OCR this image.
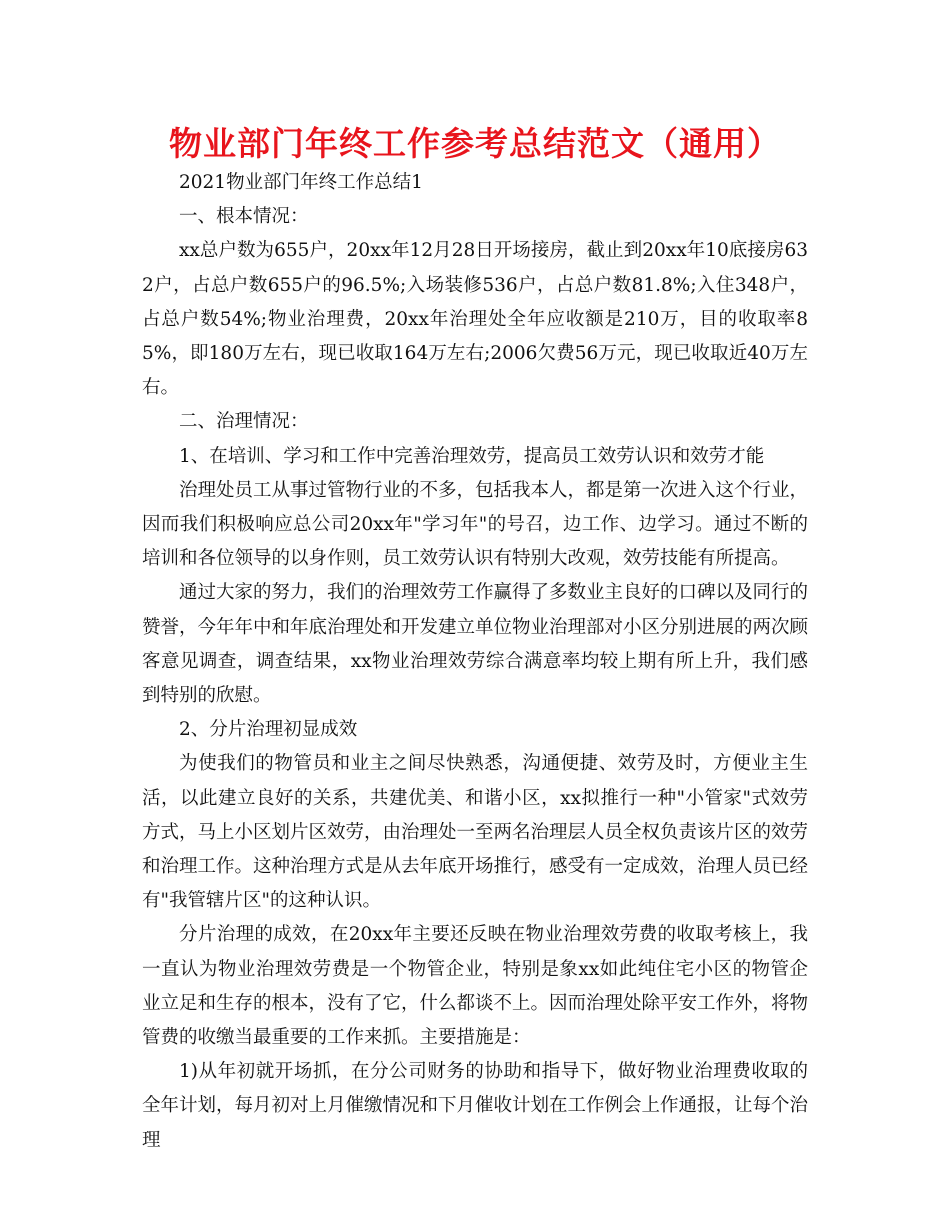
物业部门年终工作参考总结范文（通用）

2021物业部门年终工作总结1

一、根本情况：

xx总户数为655户，20xx年12月28日开场接房，截止到20xx年10底接房632户，占总户数655户的96.5%;入场装修536户，占总户数81.8%;入住348户，占总户数54%;物业治理费，20xx年治理处全年应收额是210万，目的收取率85%，即180万左右，现已收取164万左右;2006欠费56万元，现已收取近40万左右。

二、治理情况：

1、在培训、学习和工作中完善治理效劳，提高员工效劳认识和效劳才能

治理处员工从事过管物行业的不多，包括我本人，都是第一次进入这个行业，因而我们积极响应总公司20xx年"学习年"的号召，边工作、边学习。通过不断的培训和各位领导的以身作则，员工效劳认识有特别大改观，效劳技能有所提高。

通过大家的努力，我们的治理效劳工作赢得了多数业主良好的口碑以及同行的赞誉，今年年中和年底治理处和开发建立单位物业治理部对小区分别进展的两次顾客意见调查，调查结果，xx物业治理效劳综合满意率均较上期有所上升，我们感到特别的欣慰。

2、分片治理初显成效

为使我们的物管员和业主之间尽快熟悉，沟通便捷、效劳及时，方便业主生活，以此建立良好的关系，共建优美、和谐小区，xx拟推行一种"小管家"式效劳方式，马上小区划片区效劳，由治理处一至两名治理层人员全权负责该片区的效劳和治理工作。这种治理方式是从去年底开场推行，感受有一定成效，治理人员已经有"我管辖片区"的这种认识。

分片治理的成效，在20xx年主要还反映在物业治理效劳费的收取考核上，我一直认为物业治理效劳费是一个物管企业，特别是象xx如此纯住宅小区的物管企业立足和生存的根本，没有了它，什么都谈不上。因而治理处除平安工作外，将物管费的收缴当最重要的工作来抓。主要措施是：

1)从年初就开场抓，在分公司财务的协助和指导下，做好物业治理费收取的全年计划，每月初对上月催缴情况和下月催收计划在工作例会上作通报，让每个治理
